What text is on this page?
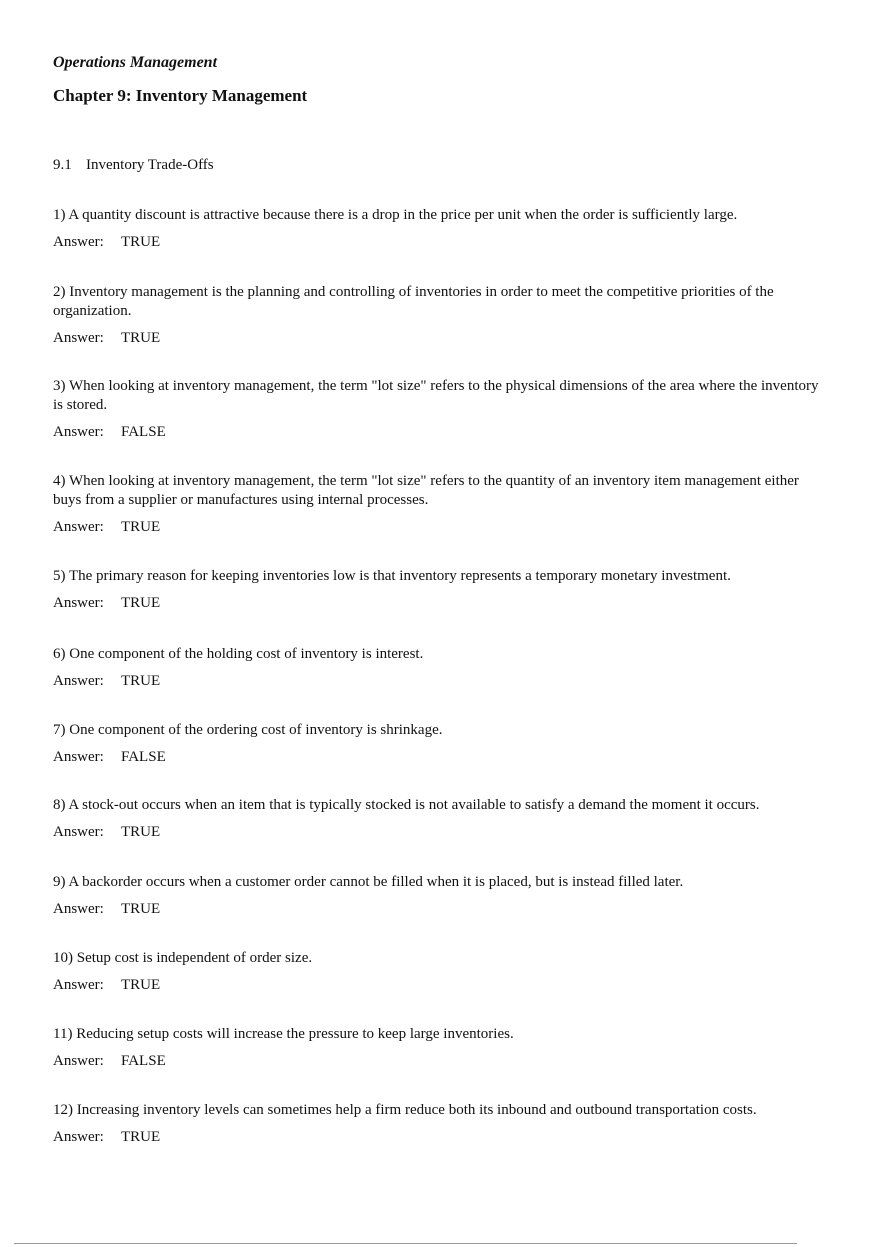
Operations Management
Chapter 9: Inventory Management
9.1 Inventory Trade-Offs
1) A quantity discount is attractive because there is a drop in the price per unit when the order is sufficiently large.
Answer: TRUE
2) Inventory management is the planning and controlling of inventories in order to meet the competitive priorities of the organization.
Answer: TRUE
3) When looking at inventory management, the term "lot size" refers to the physical dimensions of the area where the inventory is stored.
Answer: FALSE
4) When looking at inventory management, the term "lot size" refers to the quantity of an inventory item management either buys from a supplier or manufactures using internal processes.
Answer: TRUE
5) The primary reason for keeping inventories low is that inventory represents a temporary monetary investment.
Answer: TRUE
6) One component of the holding cost of inventory is interest.
Answer: TRUE
7) One component of the ordering cost of inventory is shrinkage.
Answer: FALSE
8) A stock-out occurs when an item that is typically stocked is not available to satisfy a demand the moment it occurs.
Answer: TRUE
9) A backorder occurs when a customer order cannot be filled when it is placed, but is instead filled later.
Answer: TRUE
10) Setup cost is independent of order size.
Answer: TRUE
11) Reducing setup costs will increase the pressure to keep large inventories.
Answer: FALSE
12) Increasing inventory levels can sometimes help a firm reduce both its inbound and outbound transportation costs.
Answer: TRUE
